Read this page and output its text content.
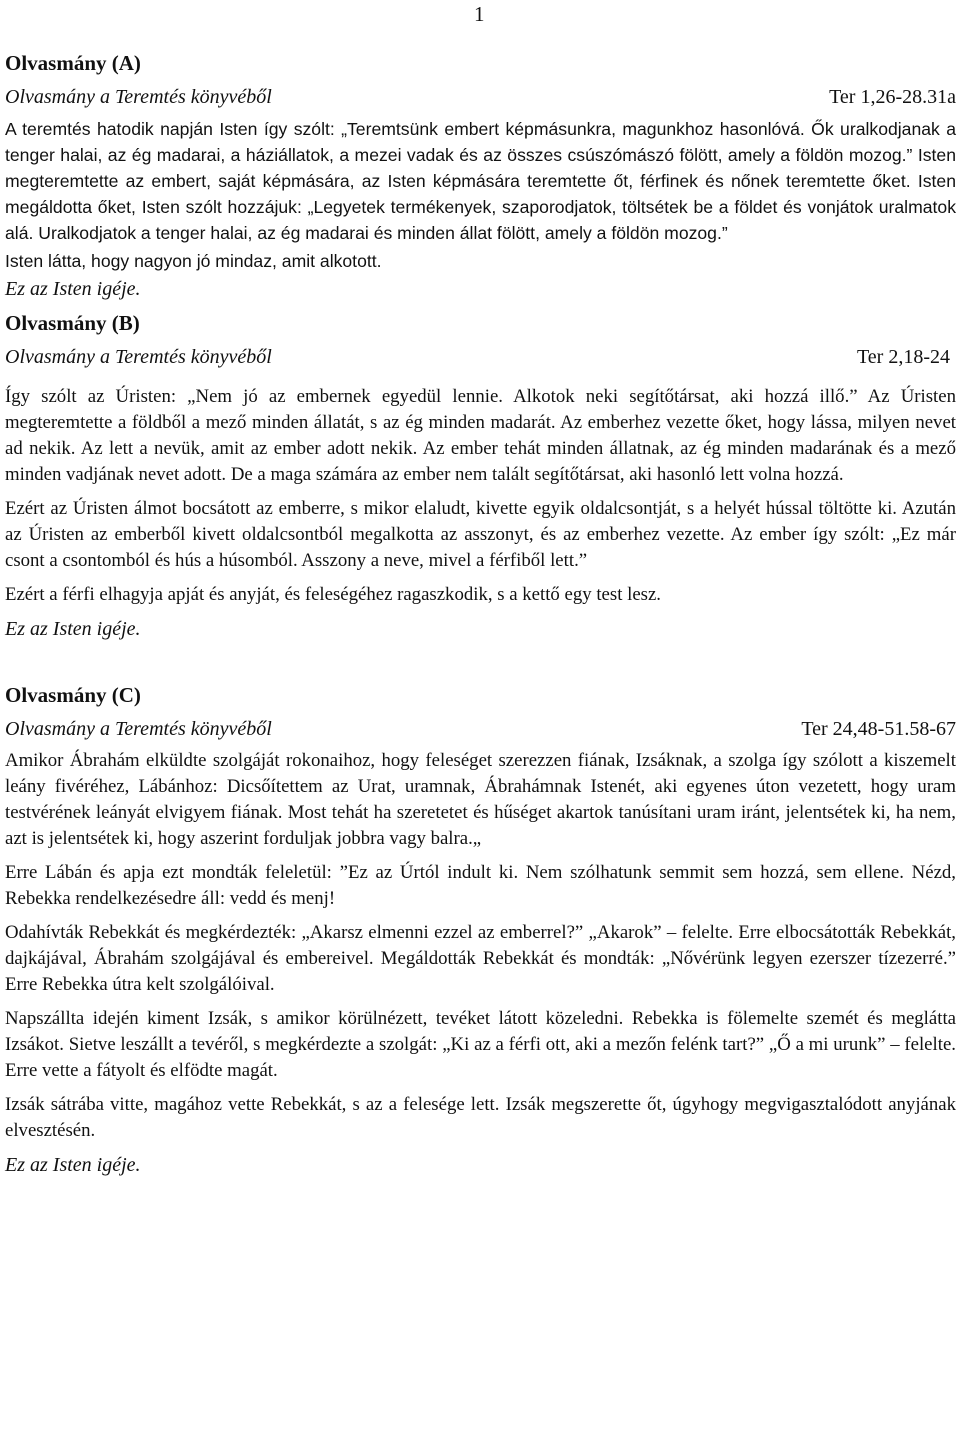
1
Olvasmány (A)
Olvasmány a Teremtés könyvéből	Ter 1,26-28.31a

A teremtés hatodik napján Isten így szólt: „Teremtsünk embert képmásunkra, magunkhoz hasonlóvá. Ők uralkodjanak a tenger halai, az ég madarai, a háziállatok, a mezei vadak és az összes csúszómászó fölött, amely a földön mozog.” Isten megteremtette az embert, saját képmására, az Isten képmására teremtette őt, férfinek és nőnek teremtette őket. Isten megáldotta őket, Isten szólt hozzájuk: „Legyetek termékenyek, szaporodjatok, töltsétek be a földet és vonjátok uralmatok alá. Uralkodjatok a tenger halai, az ég madarai és minden állat fölött, amely a földön mozog.”

Isten látta, hogy nagyon jó mindaz, amit alkotott.

Ez az Isten igéje.
Olvasmány (B)
Olvasmány a Teremtés könyvéből	Ter 2,18-24

Így szólt az Úristen: „Nem jó az embernek egyedül lennie. Alkotok neki segítőtársat, aki hozzá illő.” Az Úristen megteremtette a földből a mező minden állatát, s az ég minden madarát. Az emberhez vezette őket, hogy lássa, milyen nevet ad nekik. Az lett a nevük, amit az ember adott nekik. Az ember tehát minden állatnak, az ég minden madarának és a mező minden vadjának nevet adott. De a maga számára az ember nem talált segítőtársat, aki hasonló lett volna hozzá.

Ezért az Úristen álmot bocsátott az emberre, s mikor elaludt, kivette egyik oldalcsontját, s a helyét hússal töltötte ki. Azután az Úristen az emberből kivett oldalcsontból megalkotta az asszonyt, és az emberhez vezette. Az ember így szólt: „Ez már csont a csontomból és hús a húsomból. Asszony a neve, mivel a férfiből lett.”

Ezért a férfi elhagyja apját és anyját, és feleségéhez ragaszkodik, s a kettő egy test lesz.

Ez az Isten igéje.
Olvasmány (C)
Olvasmány a Teremtés könyvéből	Ter 24,48-51.58-67

Amikor Ábrahám elküldte szolgáját rokonaihoz, hogy feleséget szerezzen fiának, Izsáknak, a szolga így szólott a kiszemelt leány fivéréhez, Lábánhoz: Dicsőítettem az Urat, uramnak, Ábrahámnak Istenét, aki egyenes úton vezetett, hogy uram testvérének leányát elvigyem fiának. Most tehát ha szeretetet és hűséget akartok tanúsítani uram iránt, jelentsétek ki, ha nem, azt is jelentsétek ki, hogy aszerint forduljak jobbra vagy balra.„

Erre Lábán és apja ezt mondták feleletül: ”Ez az Úrtól indult ki. Nem szólhatunk semmit sem hozzá, sem ellene. Nézd, Rebekka rendelkezésedre áll: vedd és menj!

Odahívták Rebekkát és megkérdezték: „Akarsz elmenni ezzel az emberrel?” „Akarok” – felelte. Erre elbocsátották Rebekkát, dajkájával, Ábrahám szolgájával és embereivel. Megáldották Rebekkát és mondták: „Nővérünk legyen ezerszer tízezerré.” Erre Rebekka útra kelt szolgálóival.

Napszállta idején kiment Izsák, s amikor körülnézett, tevéket látott közeledni. Rebekka is fölemelte szemét és meglátta Izsákot. Sietve leszállt a tevéről, s megkérdezte a szolgát: „Ki az a férfi ott, aki a mezőn felénk tart?” „Ő a mi urunk” – felelte. Erre vette a fátyolt és elfödte magát.

Izsák sátrába vitte, magához vette Rebekkát, s az a felesége lett. Izsák megszerette őt, úgyhogy megvigasztalódott anyjának elvesztésén.

Ez az Isten igéje.
